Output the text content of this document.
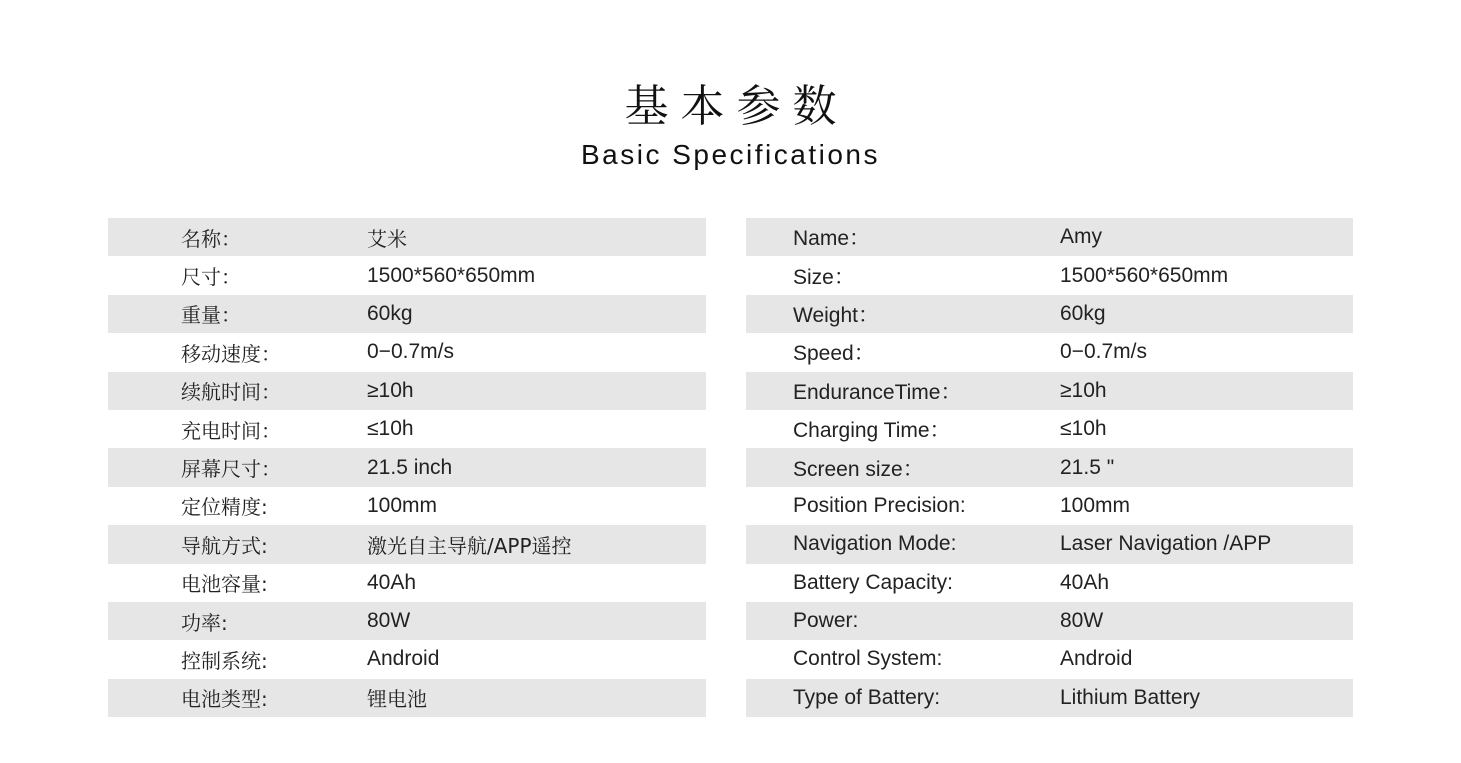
基本参数
Basic Specifications
名称：	艾米
尺寸：	1500*560*650mm
重量：	60kg
移动速度：	0−0.7m/s
续航时间：	≥10h
充电时间：	≤10h
屏幕尺寸：	21.5 inch
定位精度:	100mm
导航方式:	激光自主导航/APP遥控
电池容量:	40Ah
功率:	80W
控制系统:	Android
电池类型:	锂电池
Name：	Amy
Size：	1500*560*650mm
Weight：	60kg
Speed：	0−0.7m/s
EnduranceTime：	≥10h
Charging Time：	≤10h
Screen size：	21.5 "
Position Precision:	100mm
Navigation Mode:	Laser Navigation /APP
Battery Capacity:	40Ah
Power:	80W
Control System:	Android
Type of Battery:	Lithium Battery
